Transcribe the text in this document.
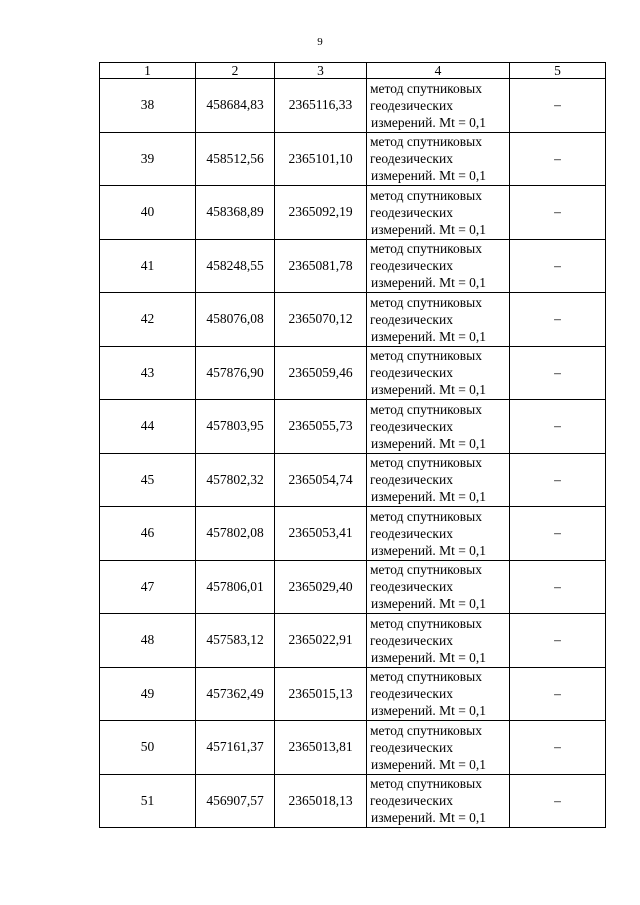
9
1	2	3	4	5
38	458684,83	2365116,33	метод спутниковых
геодезических
измерений. Mt = 0,1	–
39	458512,56	2365101,10	метод спутниковых
геодезических
измерений. Mt = 0,1	–
40	458368,89	2365092,19	метод спутниковых
геодезических
измерений. Mt = 0,1	–
41	458248,55	2365081,78	метод спутниковых
геодезических
измерений. Mt = 0,1	–
42	458076,08	2365070,12	метод спутниковых
геодезических
измерений. Mt = 0,1	–
43	457876,90	2365059,46	метод спутниковых
геодезических
измерений. Mt = 0,1	–
44	457803,95	2365055,73	метод спутниковых
геодезических
измерений. Mt = 0,1	–
45	457802,32	2365054,74	метод спутниковых
геодезических
измерений. Mt = 0,1	–
46	457802,08	2365053,41	метод спутниковых
геодезических
измерений. Mt = 0,1	–
47	457806,01	2365029,40	метод спутниковых
геодезических
измерений. Mt = 0,1	–
48	457583,12	2365022,91	метод спутниковых
геодезических
измерений. Mt = 0,1	–
49	457362,49	2365015,13	метод спутниковых
геодезических
измерений. Mt = 0,1	–
50	457161,37	2365013,81	метод спутниковых
геодезических
измерений. Mt = 0,1	–
51	456907,57	2365018,13	метод спутниковых
геодезических
измерений. Mt = 0,1	–
